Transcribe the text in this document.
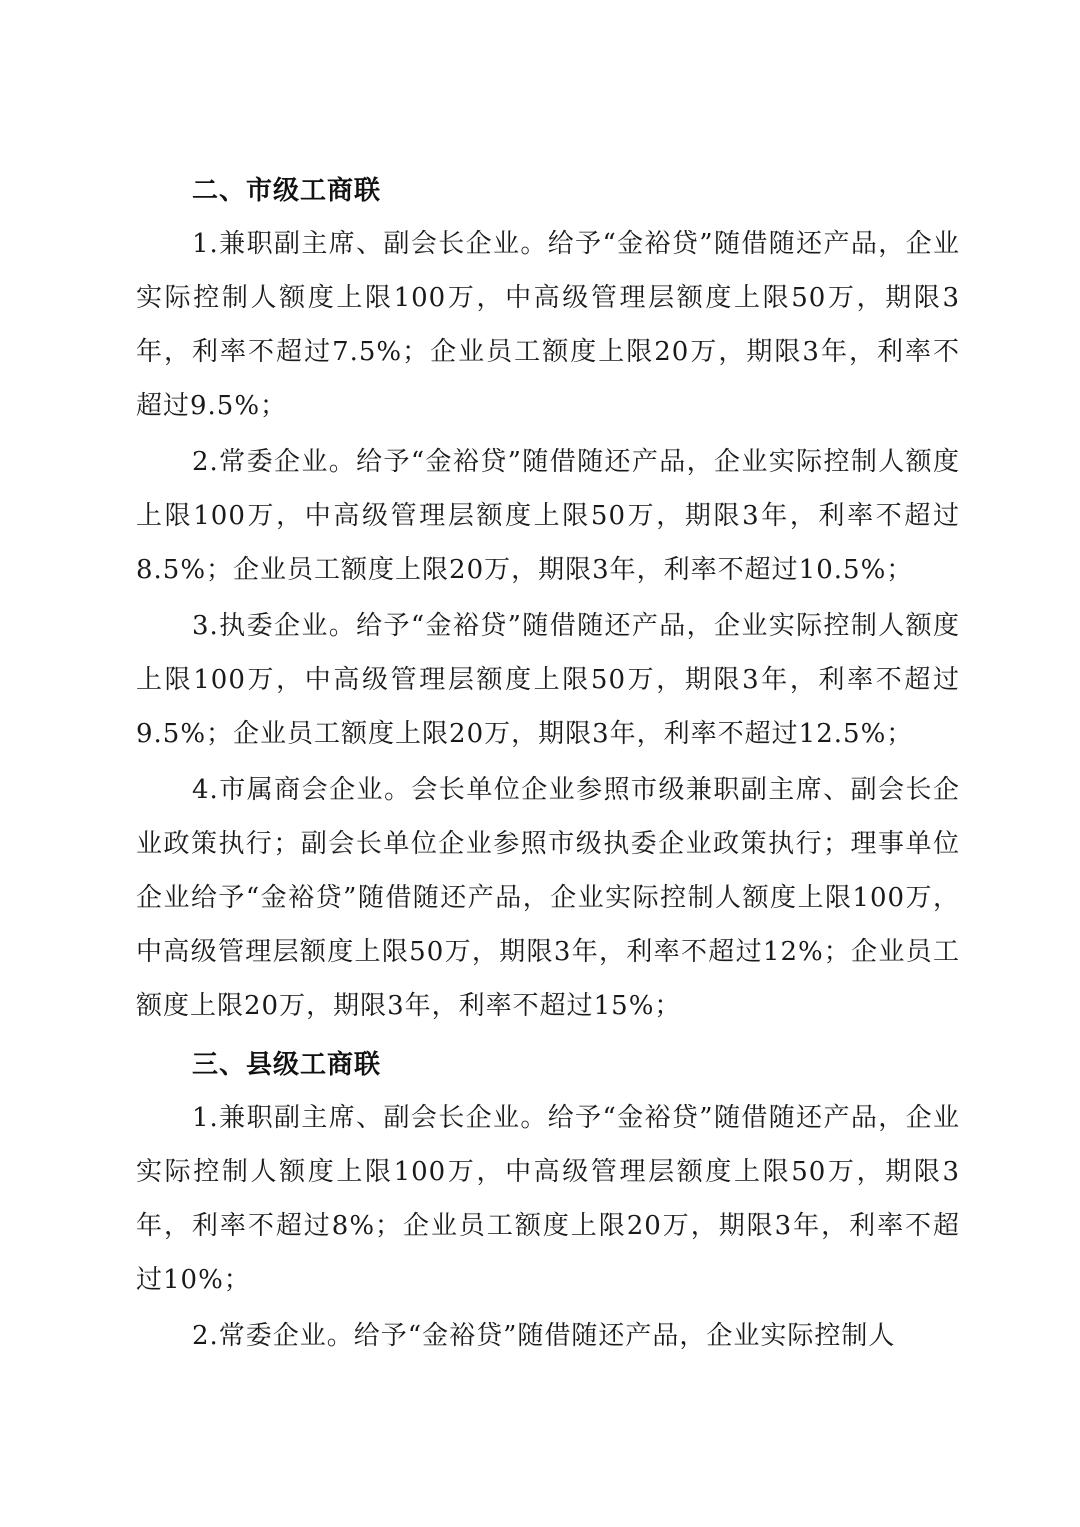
二、市级工商联

1.兼职副主席、副会长企业。给予“金裕贷”随借随还产品，企业实际控制人额度上限100万，中高级管理层额度上限50万，期限3年，利率不超过7.5%；企业员工额度上限20万，期限3年，利率不超过9.5%；

2.常委企业。给予“金裕贷”随借随还产品，企业实际控制人额度上限100万，中高级管理层额度上限50万，期限3年，利率不超过8.5%；企业员工额度上限20万，期限3年，利率不超过10.5%；

3.执委企业。给予“金裕贷”随借随还产品，企业实际控制人额度上限100万，中高级管理层额度上限50万，期限3年，利率不超过9.5%；企业员工额度上限20万，期限3年，利率不超过12.5%；

4.市属商会企业。会长单位企业参照市级兼职副主席、副会长企业政策执行；副会长单位企业参照市级执委企业政策执行；理事单位企业给予“金裕贷”随借随还产品，企业实际控制人额度上限100万，中高级管理层额度上限50万，期限3年，利率不超过12%；企业员工额度上限20万，期限3年，利率不超过15%；

三、县级工商联

1.兼职副主席、副会长企业。给予“金裕贷”随借随还产品，企业实际控制人额度上限100万，中高级管理层额度上限50万，期限3年，利率不超过8%；企业员工额度上限20万，期限3年，利率不超过10%；

2.常委企业。给予“金裕贷”随借随还产品，企业实际控制人
